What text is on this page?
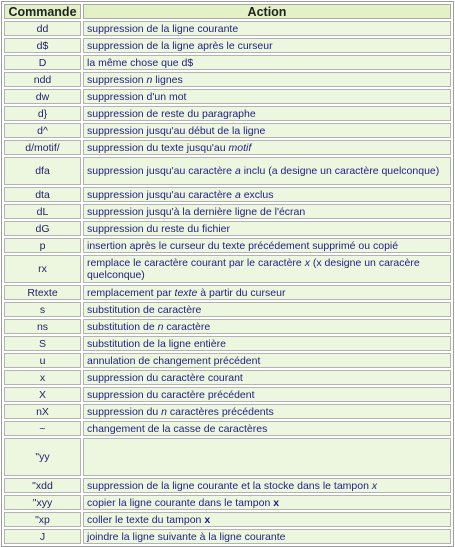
Commande	Action
dd	suppression de la ligne courante
d$	suppression de la ligne après le curseur
D	la même chose que d$
ndd	suppression n lignes
dw	suppression d'un mot
d}	suppression de reste du paragraphe
d^	suppression jusqu'au début de la ligne
d/motif/	suppression du texte jusqu'au motif
dfa	suppression jusqu'au caractère a inclu (a designe un caractère quelconque)
dta	suppression jusqu'au caractère a exclus
dL	suppression jusqu'à la dernière ligne de l'écran
dG	suppression du reste du fichier
p	insertion après le curseur du texte précédement supprimé ou copié
rx	remplace le caractère courant par le caractère x (x designe un caracère quelconque)
Rtexte	remplacement par texte à partir du curseur
s	substitution de caractère
ns	substitution de n caractère
S	substitution de la ligne entière
u	annulation de changement précédent
x	suppression du caractère courant
X	suppression du caractère précédent
nX	suppression du n caractères précédents
~	changement de la casse de caractères
"yy	
"xdd	suppression de la ligne courante et la stocke dans le tampon x
"xyy	copier la ligne courante dans le tampon x
"xp	coller le texte du tampon x
J	joindre la ligne suivante à la ligne courante
